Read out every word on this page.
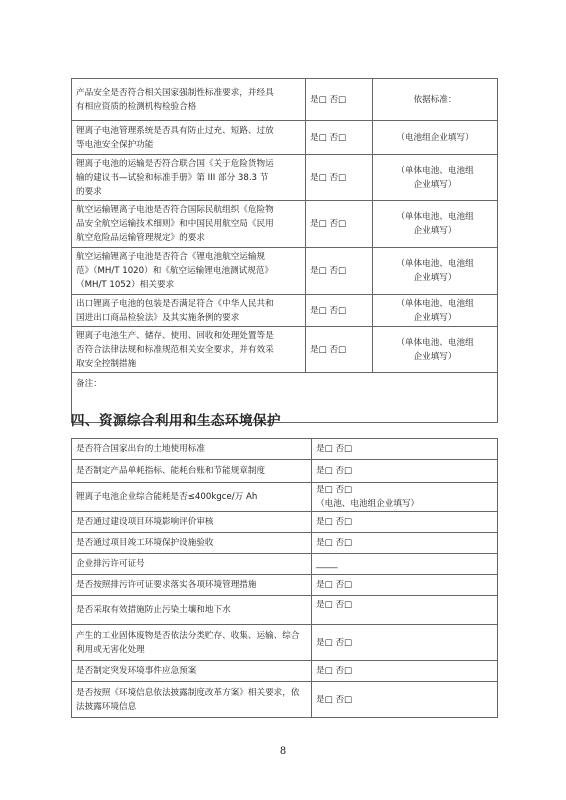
产品安全是否符合相关国家强制性标准要求，并经具
有相应资质的检测机构检验合格	是□ 否□	依据标准：

锂离子电池管理系统是否具有防止过充、短路、过放
等电池安全保护功能	是□ 否□	（电池组企业填写）

锂离子电池的运输是否符合联合国《关于危险货物运
输的建议书—试验和标准手册》第 III 部分 38.3 节
的要求	是□ 否□	（单体电池、电池组
企业填写）

航空运输锂离子电池是否符合国际民航组织《危险物
品安全航空运输技术细则》和中国民用航空局《民用
航空危险品运输管理规定》的要求	是□ 否□	（单体电池、电池组
企业填写）

航空运输锂离子电池是否符合《锂电池航空运输规
范》（MH/T 1020）和《航空运输锂电池测试规范》
（MH/T 1052）相关要求	是□ 否□	（单体电池、电池组
企业填写）

出口锂离子电池的包装是否满足符合《中华人民共和
国进出口商品检验法》及其实施条例的要求	是□ 否□	（单体电池、电池组
企业填写）

锂离子电池生产、储存、使用、回收和处理处置等是
否符合法律法规和标准规范相关安全要求，并有效采
取安全控制措施	是□ 否□	（单体电池、电池组
企业填写）

备注：		
四、资源综合利用和生态环境保护
是否符合国家出台的土地使用标准	是□ 否□

是否制定产品单耗指标、能耗台账和节能规章制度	是□ 否□

锂离子电池企业综合能耗是否≤400kgce/万 Ah	是□ 否□
（电池、电池组企业填写）

是否通过建设项目环境影响评价审核	是□ 否□

是否通过项目竣工环境保护设施验收	是□ 否□

企业排污许可证号	_____

是否按照排污许可证要求落实各项环境管理措施	是□ 否□

是否采取有效措施防止污染土壤和地下水	是□ 否□

产生的工业固体废物是否依法分类贮存、收集、运输、综合利用或无害化处理	是□ 否□

是否制定突发环境事件应急预案	是□ 否□

是否按照《环境信息依法披露制度改革方案》相关要求，依法披露环境信息	是□ 否□
8
